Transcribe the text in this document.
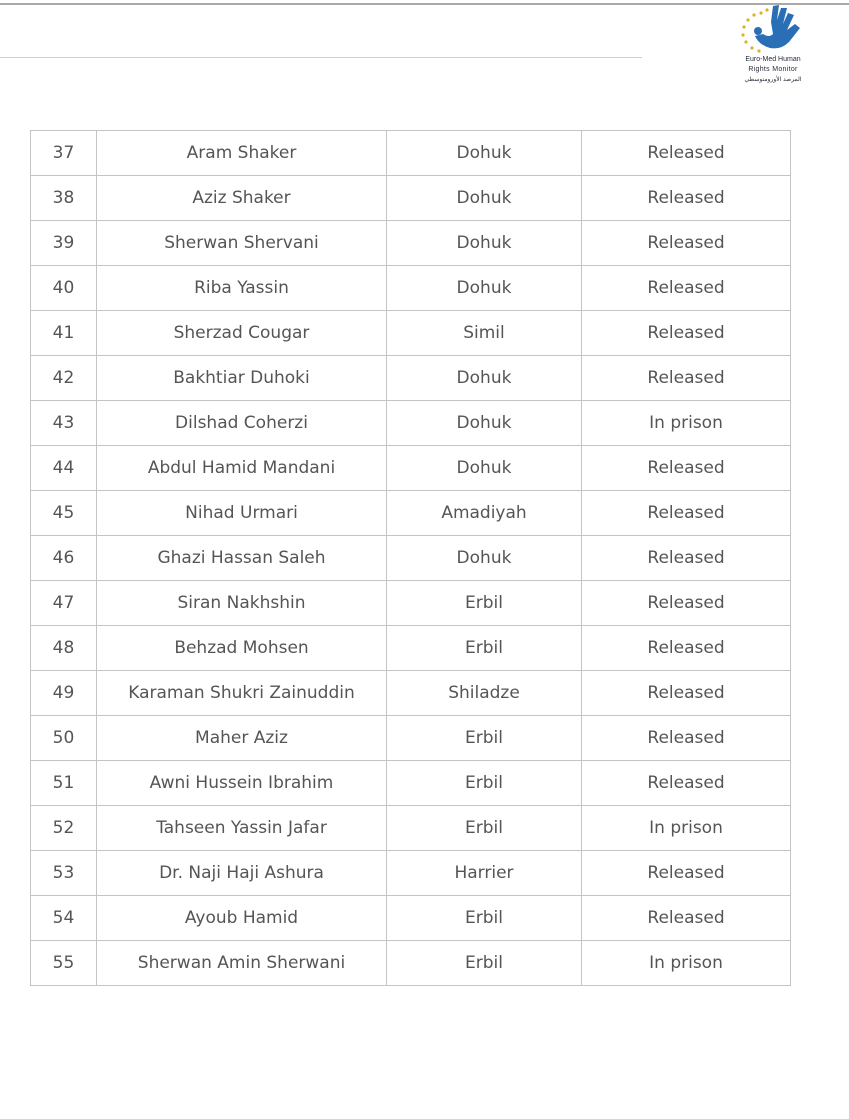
Euro-Med Human
Rights Monitor
المرصد الأورومتوسطي
37	Aram Shaker	Dohuk	Released
38	Aziz Shaker	Dohuk	Released
39	Sherwan Shervani	Dohuk	Released
40	Riba Yassin	Dohuk	Released
41	Sherzad Cougar	Simil	Released
42	Bakhtiar Duhoki	Dohuk	Released
43	Dilshad Coherzi	Dohuk	In prison
44	Abdul Hamid Mandani	Dohuk	Released
45	Nihad Urmari	Amadiyah	Released
46	Ghazi Hassan Saleh	Dohuk	Released
47	Siran Nakhshin	Erbil	Released
48	Behzad Mohsen	Erbil	Released
49	Karaman Shukri Zainuddin	Shiladze	Released
50	Maher Aziz	Erbil	Released
51	Awni Hussein Ibrahim	Erbil	Released
52	Tahseen Yassin Jafar	Erbil	In prison
53	Dr. Naji Haji Ashura	Harrier	Released
54	Ayoub Hamid	Erbil	Released
55	Sherwan Amin Sherwani	Erbil	In prison
